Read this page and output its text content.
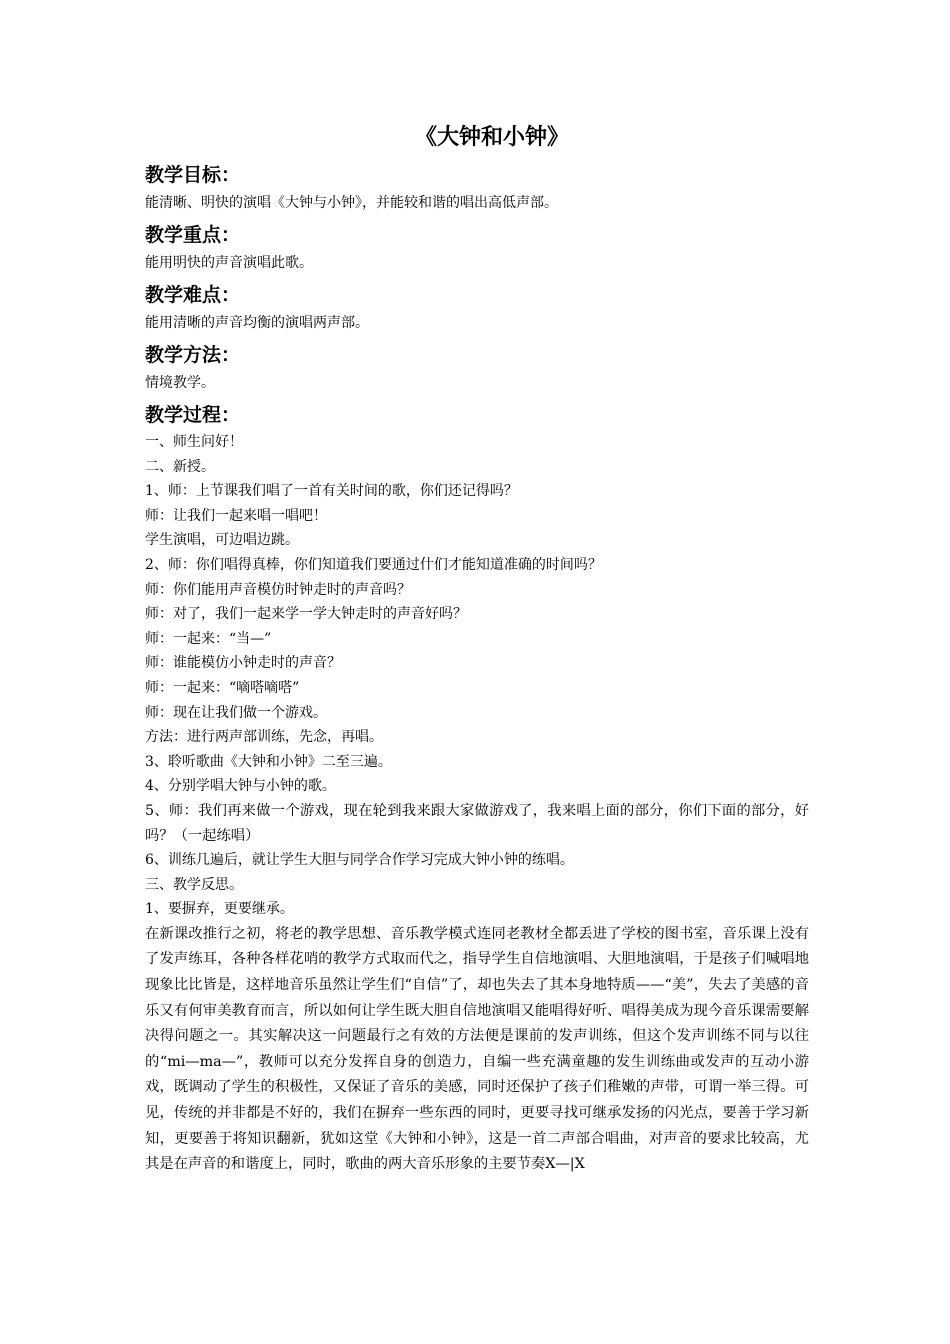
《大钟和小钟》
教学目标：

能清晰、明快的演唱《大钟与小钟》，并能较和谐的唱出高低声部。

教学重点：

能用明快的声音演唱此歌。

教学难点：

能用清晰的声音均衡的演唱两声部。

教学方法：

情境教学。

教学过程：

一、师生问好！

二、新授。

1、师：上节课我们唱了一首有关时间的歌，你们还记得吗？

师：让我们一起来唱一唱吧！

学生演唱，可边唱边跳。

2、师：你们唱得真棒，你们知道我们要通过什们才能知道准确的时间吗？

师：你们能用声音模仿时钟走时的声音吗？

师：对了，我们一起来学一学大钟走时的声音好吗？

师：一起来：“当—”

师：谁能模仿小钟走时的声音？

师：一起来：“嘀嗒嘀嗒”

师：现在让我们做一个游戏。

方法：进行两声部训练，先念，再唱。

3、聆听歌曲《大钟和小钟》二至三遍。

4、分别学唱大钟与小钟的歌。

5、师：我们再来做一个游戏，现在轮到我来跟大家做游戏了，我来唱上面的部分，你们下面的部分，好吗？（一起练唱）

6、训练几遍后，就让学生大胆与同学合作学习完成大钟小钟的练唱。

三、教学反思。

1、要摒弃，更要继承。

在新课改推行之初，将老的教学思想、音乐教学模式连同老教材全都丢进了学校的图书室，音乐课上没有了发声练耳，各种各样花哨的教学方式取而代之，指导学生自信地演唱、大胆地演唱，于是孩子们喊唱地现象比比皆是，这样地音乐虽然让学生们“自信”了，却也失去了其本身地特质——“美”，失去了美感的音乐又有何审美教育而言，所以如何让学生既大胆自信地演唱又能唱得好听、唱得美成为现今音乐课需要解决得问题之一。其实解决这一问题最行之有效的方法便是课前的发声训练，但这个发声训练不同与以往的“mi—ma—”，教师可以充分发挥自身的创造力，自编一些充满童趣的发生训练曲或发声的互动小游戏，既调动了学生的积极性，又保证了音乐的美感，同时还保护了孩子们稚嫩的声带，可谓一举三得。可见，传统的并非都是不好的，我们在摒弃一些东西的同时，更要寻找可继承发扬的闪光点，要善于学习新知，更要善于将知识翻新，犹如这堂《大钟和小钟》，这是一首二声部合唱曲，对声音的要求比较高，尤其是在声音的和谐度上，同时，歌曲的两大音乐形象的主要节奏X—|X
